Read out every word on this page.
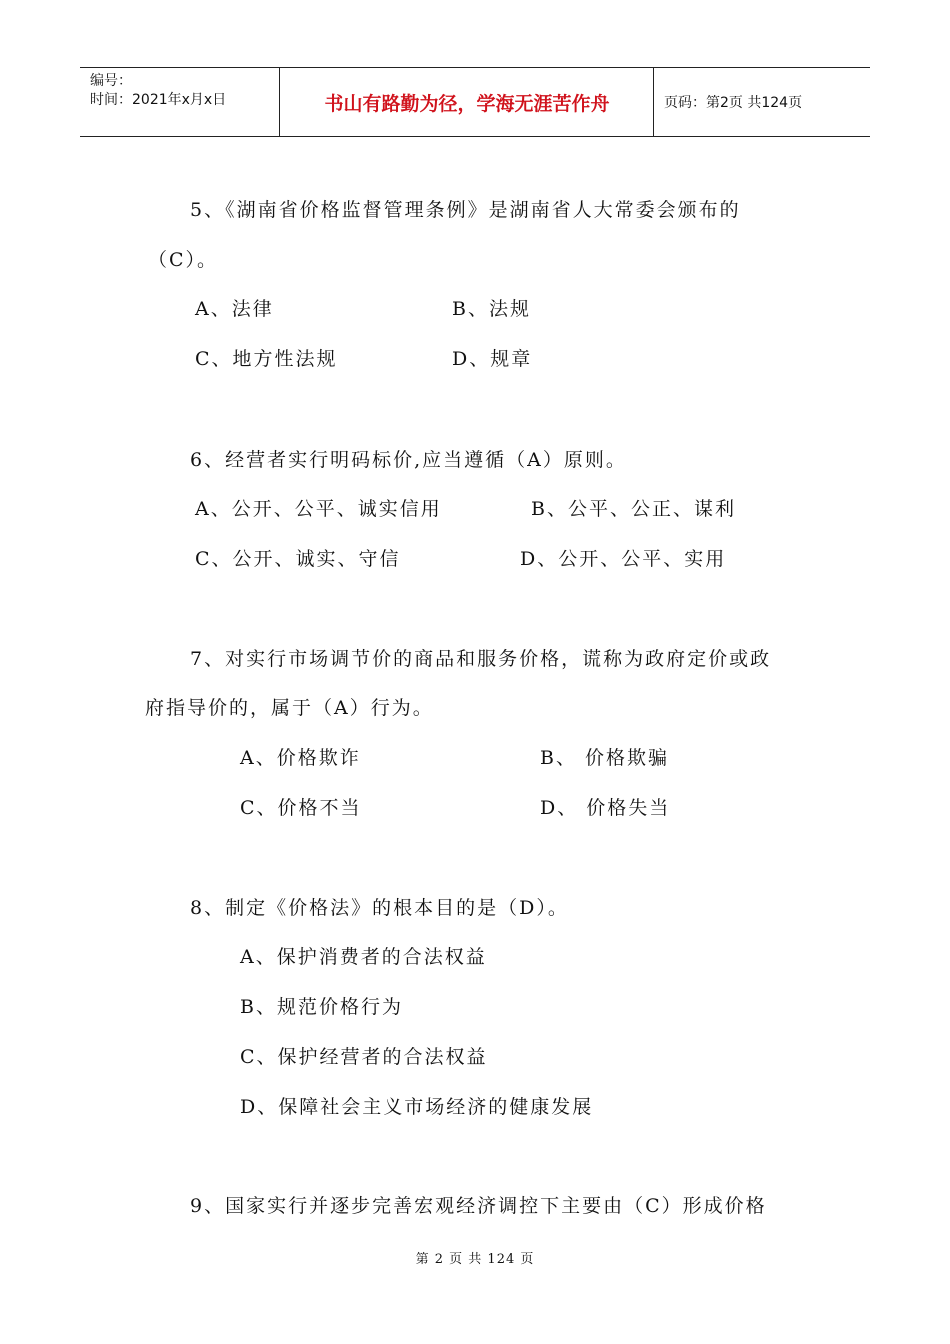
编号：
时间：2021年x月x日	书山有路勤为径，学海无涯苦作舟	页码：第2页 共124页
5、《湖南省价格监督管理条例》是湖南省人大常委会颁布的
（C）。
A、法律	B、法规
C、地方性法规	D、规章
6、经营者实行明码标价,应当遵循（A）原则。
A、公开、公平、诚实信用	B、公平、公正、谋利
C、公开、诚实、守信	D、公开、公平、实用
7、对实行市场调节价的商品和服务价格，谎称为政府定价或政
府指导价的，属于（A）行为。
A、价格欺诈	B、 价格欺骗
C、价格不当	D、 价格失当
8、制定《价格法》的根本目的是（D）。
A、保护消费者的合法权益
B、规范价格行为
C、保护经营者的合法权益
D、保障社会主义市场经济的健康发展
9、国家实行并逐步完善宏观经济调控下主要由（C）形成价格
第 2 页 共 124 页
